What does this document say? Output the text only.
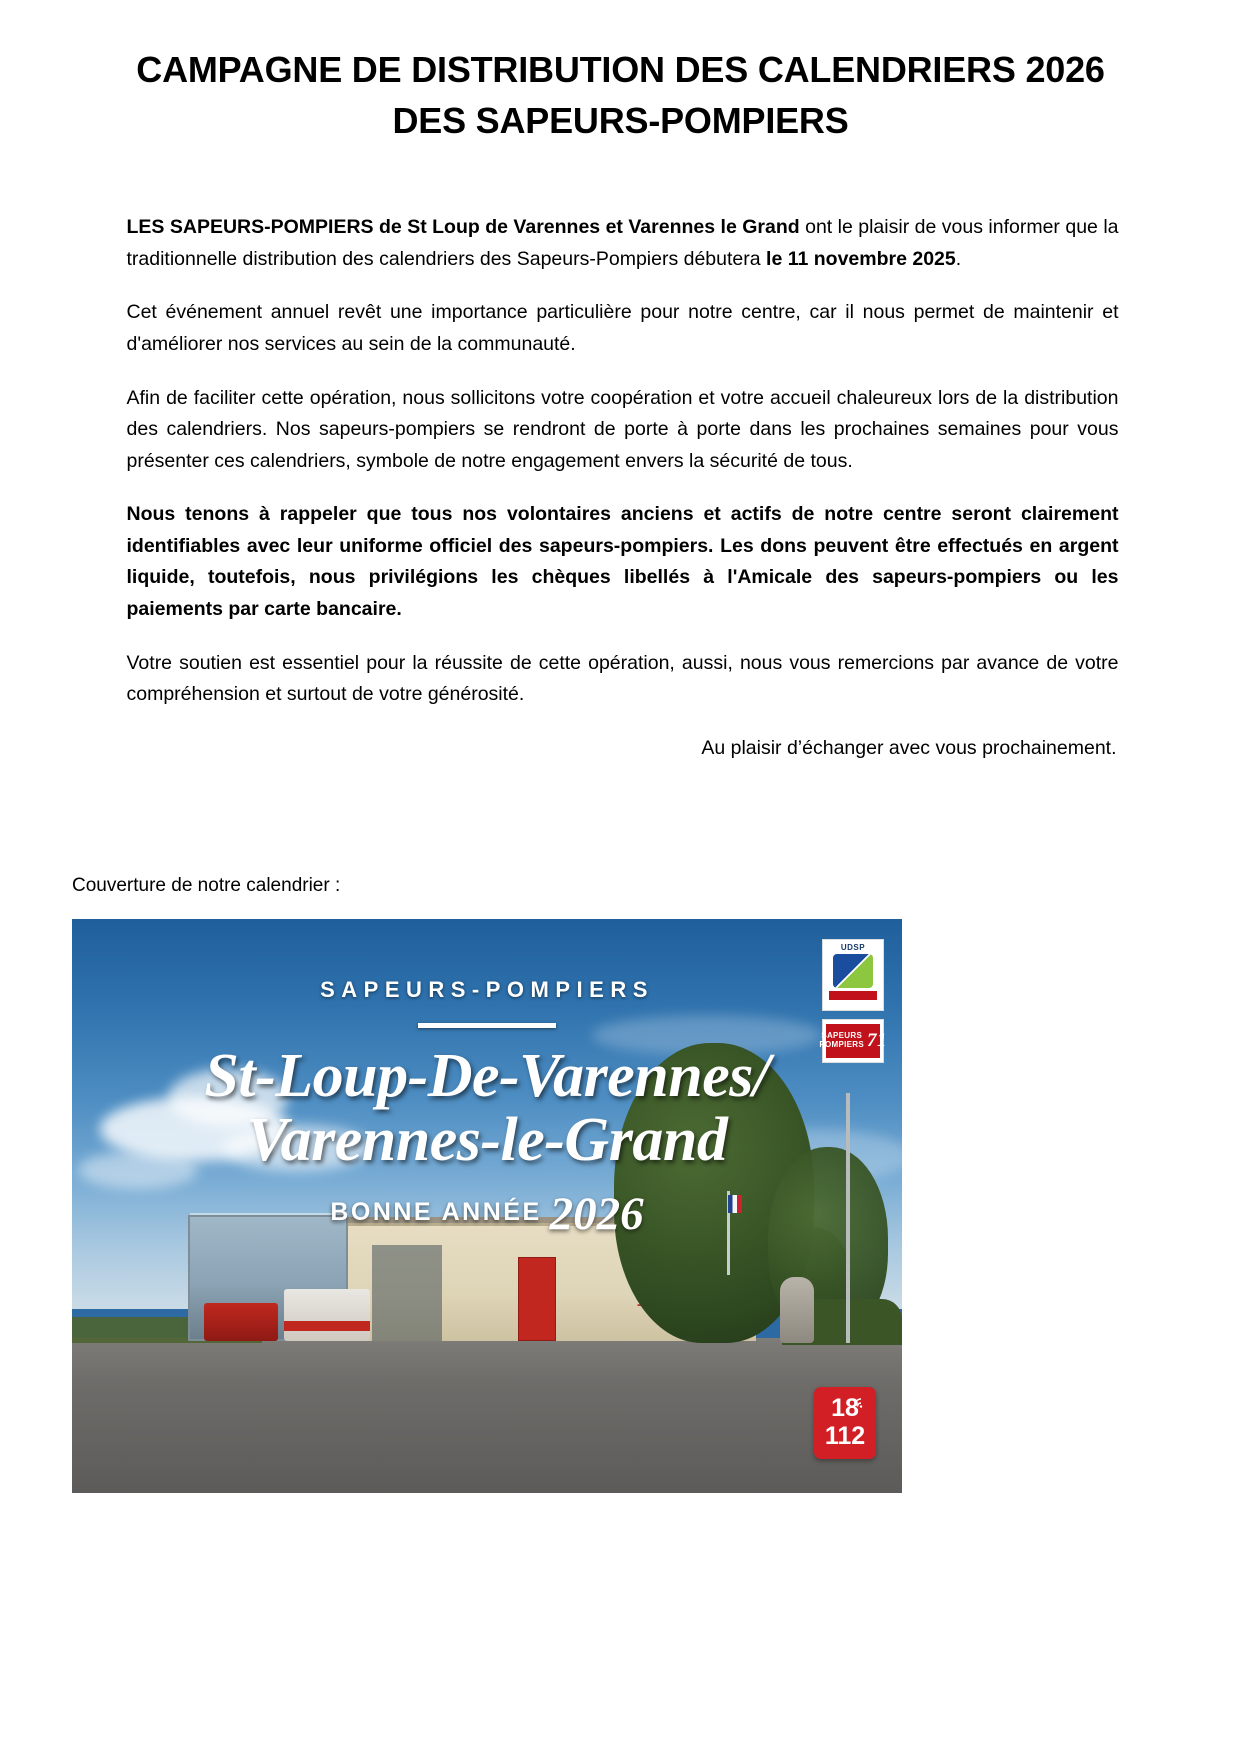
CAMPAGNE DE DISTRIBUTION DES CALENDRIERS 2026
DES SAPEURS-POMPIERS

LES SAPEURS-POMPIERS de St Loup de Varennes et Varennes le Grand ont le plaisir de vous informer que la traditionnelle distribution des calendriers des Sapeurs-Pompiers débutera le 11 novembre 2025.

Cet événement annuel revêt une importance particulière pour notre centre, car il nous permet de maintenir et d'améliorer nos services au sein de la communauté.

Afin de faciliter cette opération, nous sollicitons votre coopération et votre accueil chaleureux lors de la distribution des calendriers. Nos sapeurs-pompiers se rendront de porte à porte dans les prochaines semaines pour vous présenter ces calendriers, symbole de notre engagement envers la sécurité de tous.

Nous tenons à rappeler que tous nos volontaires anciens et actifs de notre centre seront clairement identifiables avec leur uniforme officiel des sapeurs-pompiers. Les dons peuvent être effectués en argent liquide, toutefois, nous privilégions les chèques libellés à l'Amicale des sapeurs-pompiers ou les paiements par carte bancaire.

Votre soutien est essentiel pour la réussite de cette opération, aussi, nous vous remercions par avance de votre compréhension et surtout de votre générosité.

Au plaisir d’échanger avec vous prochainement.

Couverture de notre calendrier :

SAPEURS-POMPIERS
St-Loup-De-Varennes/
Varennes-le-Grand
BONNE ANNÉE 2026
UDSP
SAPEURS POMPIERS 71
18
112
